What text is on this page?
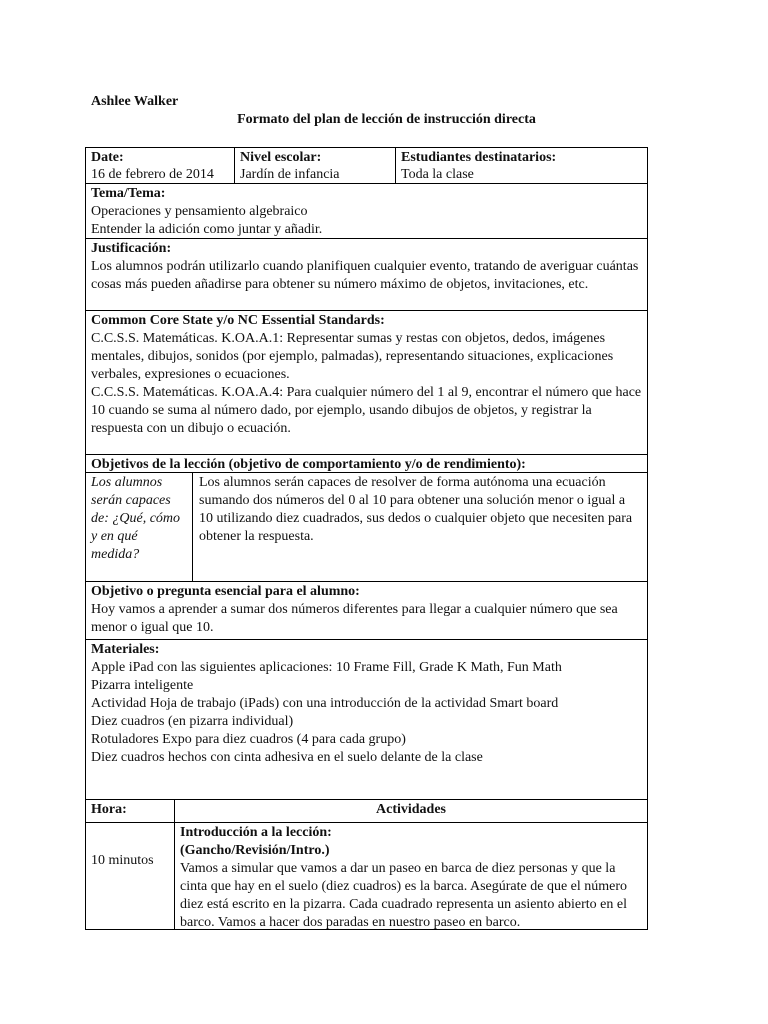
Ashlee Walker
Formato del plan de lección de instrucción directa
Date:
16 de febrero de 2014
Nivel escolar:
Jardín de infancia
Estudiantes destinatarios:
Toda la clase
Tema/Tema:
Operaciones y pensamiento algebraico
Entender la adición como juntar y añadir.
Justificación:
Los alumnos podrán utilizarlo cuando planifiquen cualquier evento, tratando de averiguar cuántas cosas más pueden añadirse para obtener su número máximo de objetos, invitaciones, etc.
Common Core State y/o NC Essential Standards:
C.C.S.S. Matemáticas. K.OA.A.1: Representar sumas y restas con objetos, dedos, imágenes mentales, dibujos, sonidos (por ejemplo, palmadas), representando situaciones, explicaciones verbales, expresiones o ecuaciones.
C.C.S.S. Matemáticas. K.OA.A.4: Para cualquier número del 1 al 9, encontrar el número que hace 10 cuando se suma al número dado, por ejemplo, usando dibujos de objetos, y registrar la respuesta con un dibujo o ecuación.
Objetivos de la lección (objetivo de comportamiento y/o de rendimiento):
Los alumnos serán capaces de: ¿Qué, cómo y en qué medida?
Los alumnos serán capaces de resolver de forma autónoma una ecuación sumando dos números del 0 al 10 para obtener una solución menor o igual a 10 utilizando diez cuadrados, sus dedos o cualquier objeto que necesiten para obtener la respuesta.
Objetivo o pregunta esencial para el alumno:
Hoy vamos a aprender a sumar dos números diferentes para llegar a cualquier número que sea menor o igual que 10.
Materiales:
Apple iPad con las siguientes aplicaciones: 10 Frame Fill, Grade K Math, Fun Math
Pizarra inteligente
Actividad Hoja de trabajo (iPads) con una introducción de la actividad Smart board
Diez cuadros (en pizarra individual)
Rotuladores Expo para diez cuadros (4 para cada grupo)
Diez cuadros hechos con cinta adhesiva en el suelo delante de la clase
Hora:	Actividades
10 minutos
Introducción a la lección:
(Gancho/Revisión/Intro.)
Vamos a simular que vamos a dar un paseo en barca de diez personas y que la cinta que hay en el suelo (diez cuadros) es la barca. Asegúrate de que el número diez está escrito en la pizarra. Cada cuadrado representa un asiento abierto en el barco. Vamos a hacer dos paradas en nuestro paseo en barco.
